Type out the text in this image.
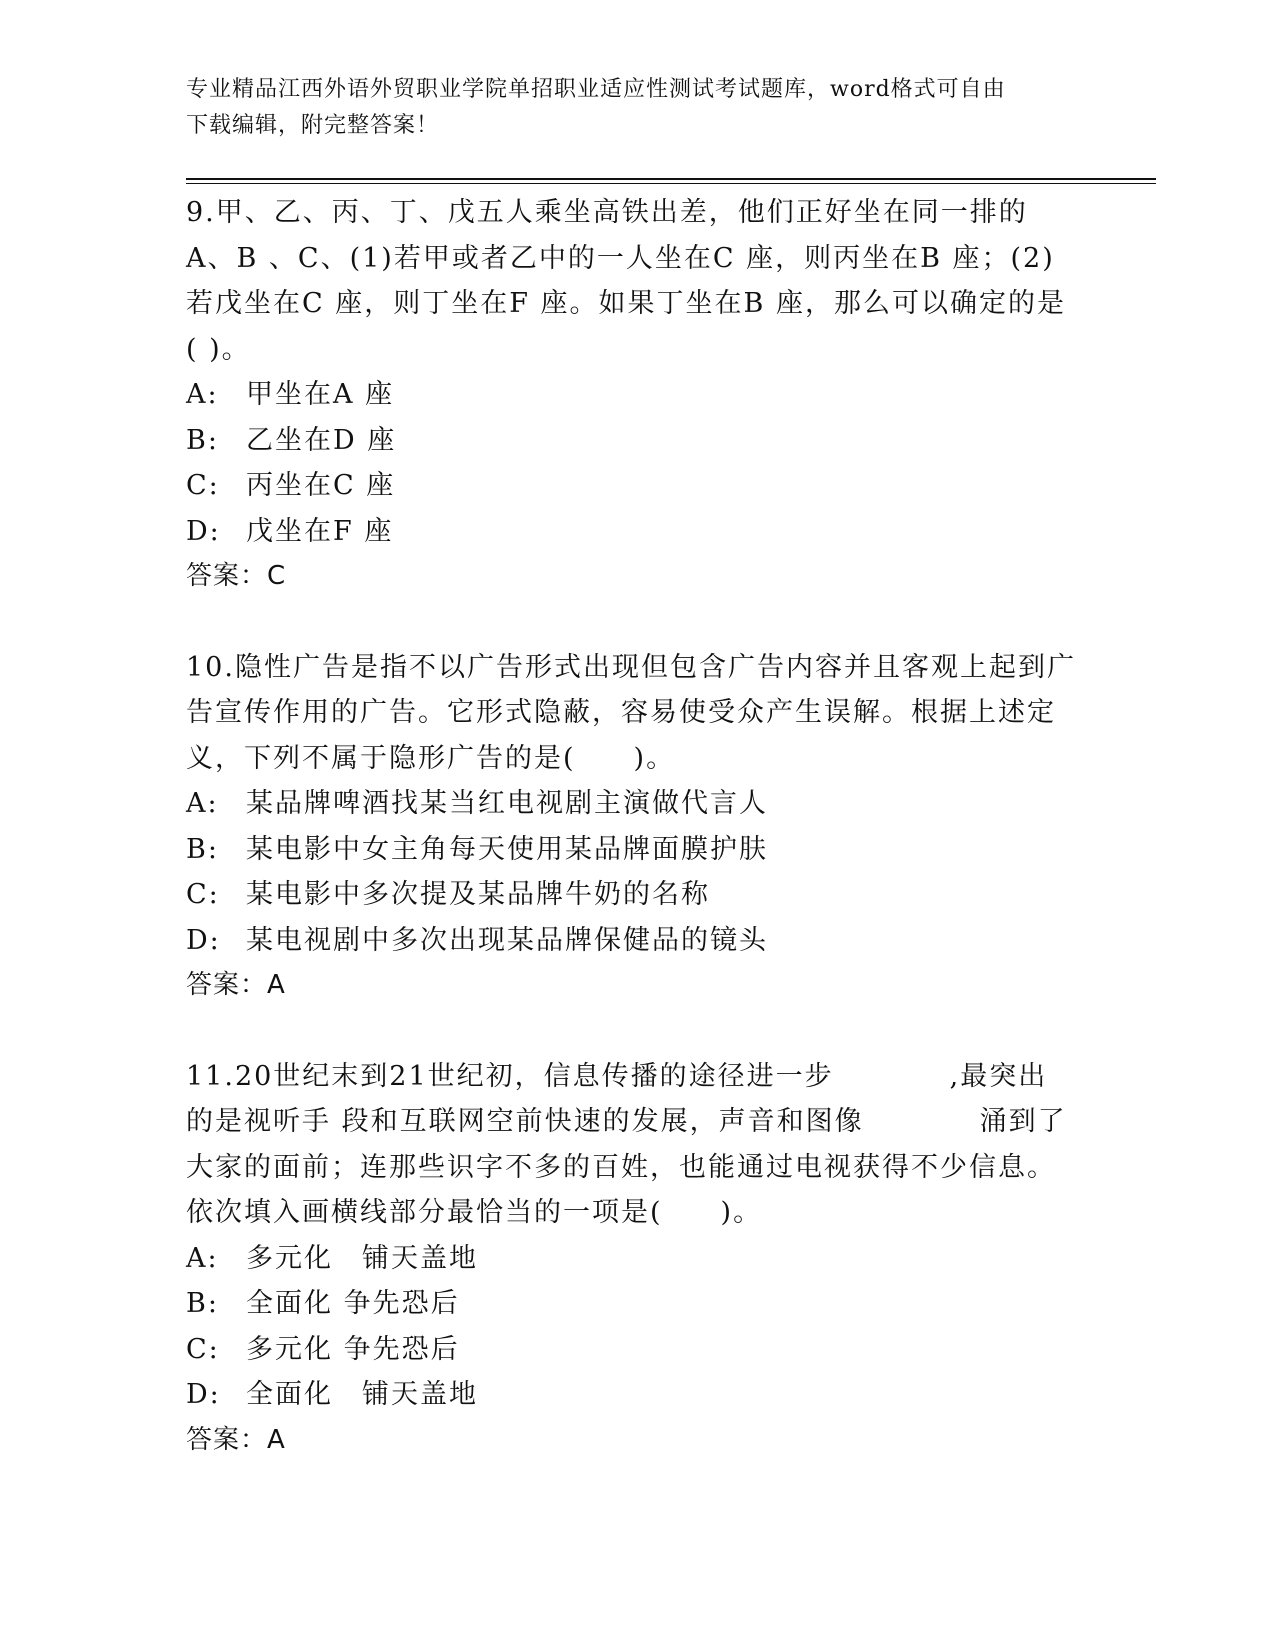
专业精品江西外语外贸职业学院单招职业适应性测试考试题库，word格式可自由
下载编辑，附完整答案！
9.甲、乙、丙、丁、戊五人乘坐高铁出差，他们正好坐在同一排的A、B 、C、(1)若甲或者乙中的一人坐在C 座，则丙坐在B 座；(2)若戊坐在C 座，则丁坐在F 座。如果丁坐在B 座，那么可以确定的是( )。
A: 甲坐在A 座
B: 乙坐在D 座
C: 丙坐在C 座
D: 戊坐在F 座
答案：C
10.隐性广告是指不以广告形式出现但包含广告内容并且客观上起到广告宣传作用的广告。它形式隐蔽，容易使受众产生误解。根据上述定义，下列不属于隐形广告的是(　　)。
A: 某品牌啤酒找某当红电视剧主演做代言人
B: 某电影中女主角每天使用某品牌面膜护肤
C: 某电影中多次提及某品牌牛奶的名称
D: 某电视剧中多次出现某品牌保健品的镜头
答案：A
11.20世纪末到21世纪初，信息传播的途径进一步　　　　,最突出的是视听手 段和互联网空前快速的发展，声音和图像　　　　涌到了大家的面前；连那些识字不多的百姓，也能通过电视获得不少信息。依次填入画横线部分最恰当的一项是(　　)。
A: 多元化　铺天盖地
B: 全面化 争先恐后
C: 多元化 争先恐后
D: 全面化　铺天盖地
答案：A
